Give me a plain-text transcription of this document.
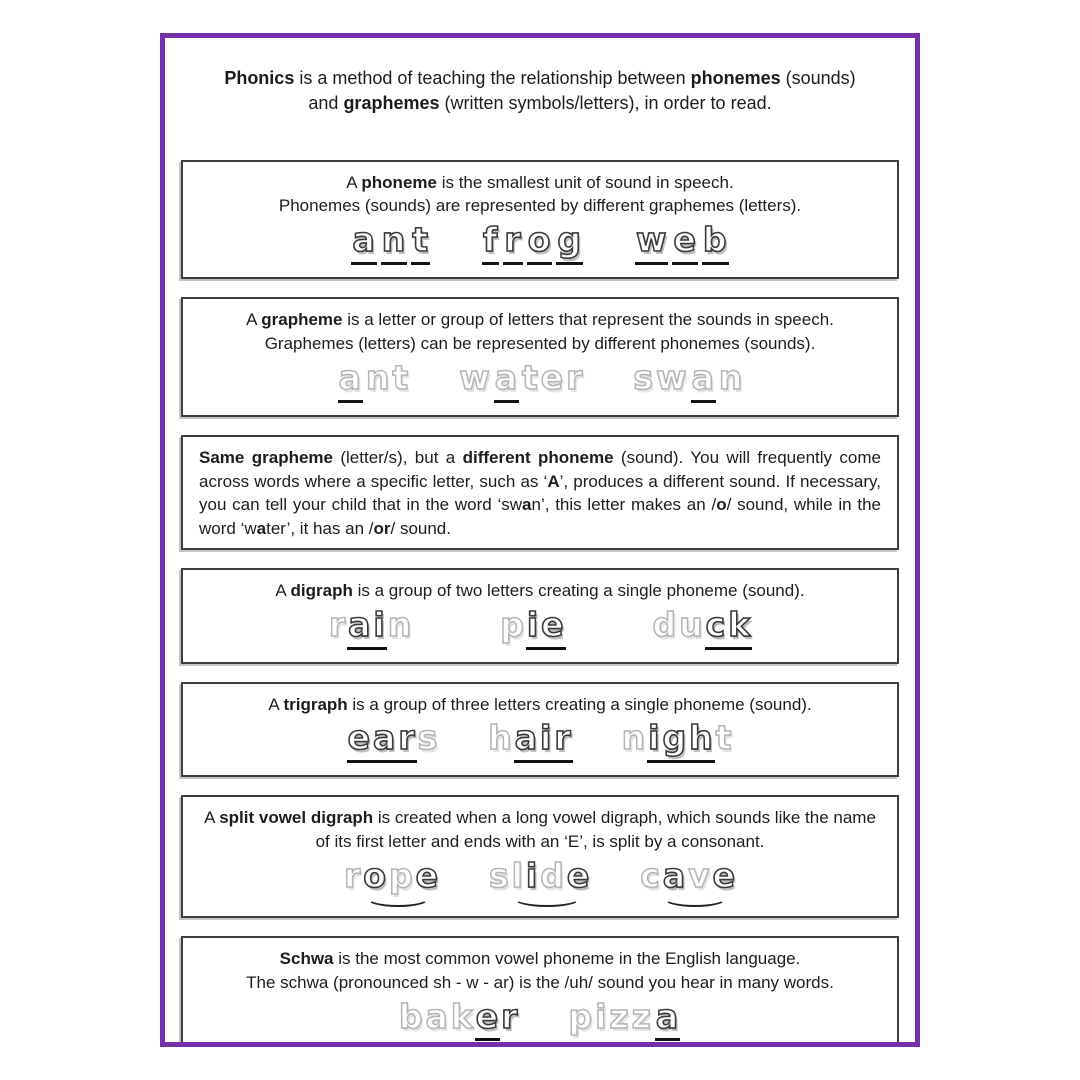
Phonics is a method of teaching the relationship between phonemes (sounds) and graphemes (written symbols/letters), in order to read.

A phoneme is the smallest unit of sound in speech.
Phonemes (sounds) are represented by different graphemes (letters).
a n t f r o g w e b
A grapheme is a letter or group of letters that represent the sounds in speech.
Graphemes (letters) can be represented by different phonemes (sounds).
a nt w a ter sw a n
Same grapheme (letter/s), but a different phoneme (sound). You will frequently come across words where a specific letter, such as ‘A’, produces a different sound. If necessary, you can tell your child that in the word ‘swan’, this letter makes an /o/ sound, while in the word ‘water’, it has an /or/ sound.
A digraph is a group of two letters creating a single phoneme (sound).
rain	pie	duck
A trigraph is a group of three letters creating a single phoneme (sound).
ears hair night
A split vowel digraph is created when a long vowel digraph, which sounds like the name of its first letter and ends with an ‘E’, is split by a consonant.
rope slide cave
Schwa is the most common vowel phoneme in the English language.
The schwa (pronounced sh - w - ar) is the /uh/ sound you hear in many words.
baker pizz a
